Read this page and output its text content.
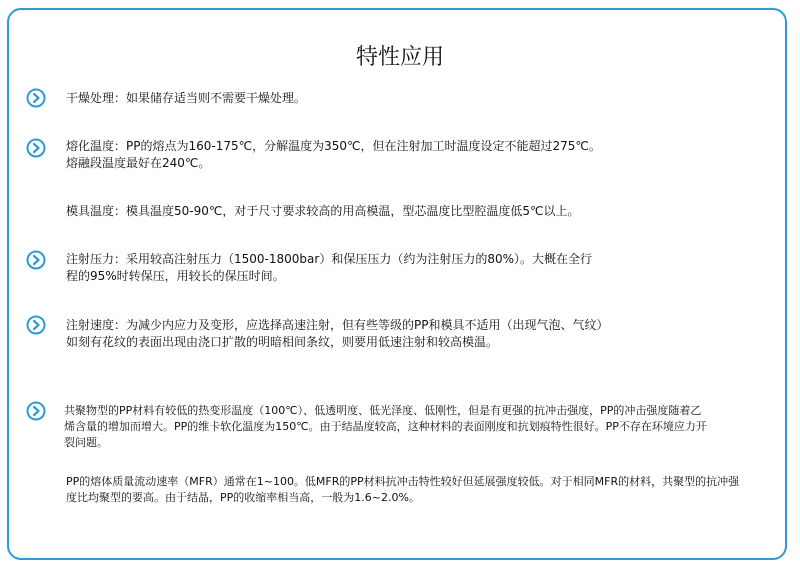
特性应用
干燥处理：如果储存适当则不需要干燥处理。
熔化温度：PP的熔点为160-175℃，分解温度为350℃，但在注射加工时温度设定不能超过275℃。
熔融段温度最好在240℃。
模具温度：模具温度50-90℃，对于尺寸要求较高的用高模温，型芯温度比型腔温度低5℃以上。
注射压力：采用较高注射压力（1500-1800bar）和保压压力（约为注射压力的80%）。大概在全行
程的95%时转保压，用较长的保压时间。
注射速度：为减少内应力及变形，应选择高速注射，但有些等级的PP和模具不适用（出现气泡、气纹）
如刻有花纹的表面出现由浇口扩散的明暗相间条纹，则要用低速注射和较高模温。
共聚物型的PP材料有较低的热变形温度（100℃）、低透明度、低光泽度、低刚性，但是有更强的抗冲击强度，PP的冲击强度随着乙
烯含量的增加而增大。PP的维卡软化温度为150℃。由于结晶度较高，这种材料的表面刚度和抗划痕特性很好。PP不存在环境应力开
裂问题。
PP的熔体质量流动速率（MFR）通常在1~100。低MFR的PP材料抗冲击特性较好但延展强度较低。对于相同MFR的材料，共聚型的抗冲强
度比均聚型的要高。由于结晶，PP的收缩率相当高，一般为1.6~2.0%。
